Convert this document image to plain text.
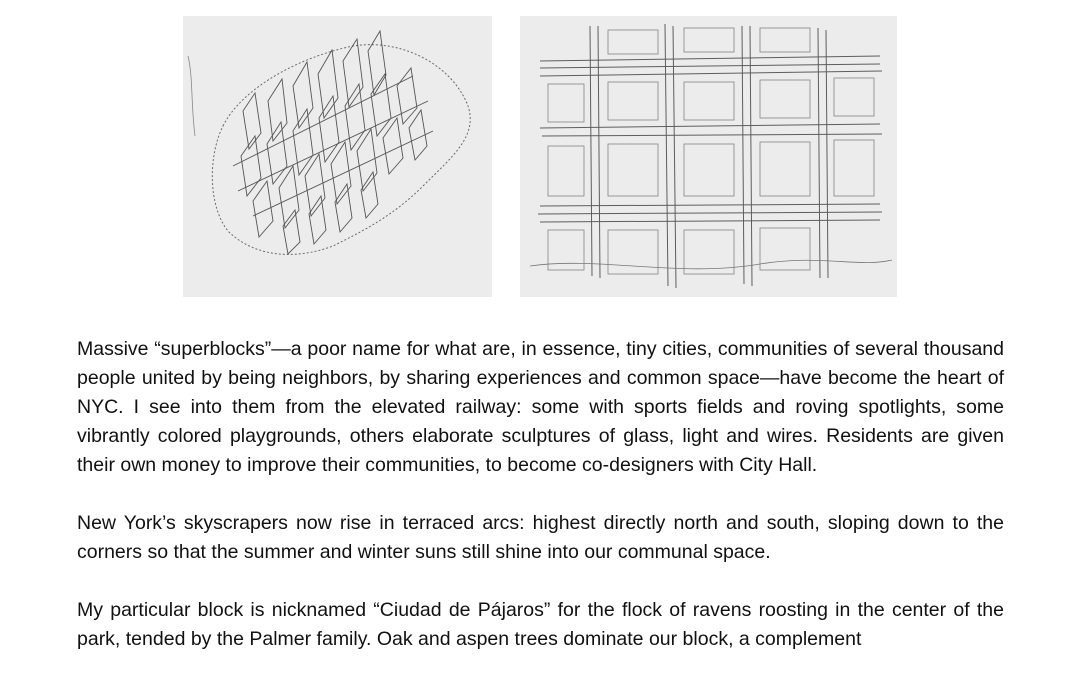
Massive “superblocks”—a poor name for what are, in essence, tiny cities, communities of several thousand people united by being neighbors, by sharing experiences and common space—have become the heart of NYC. I see into them from the elevated railway: some with sports fields and roving spotlights, some vibrantly colored playgrounds, others elaborate sculptures of glass, light and wires. Residents are given their own money to improve their communities, to become co-designers with City Hall.

New York’s skyscrapers now rise in terraced arcs: highest directly north and south, sloping down to the corners so that the summer and winter suns still shine into our communal space.

My particular block is nicknamed “Ciudad de Pájaros” for the flock of ravens roosting in the center of the park, tended by the Palmer family. Oak and aspen trees dominate our block, a complement
